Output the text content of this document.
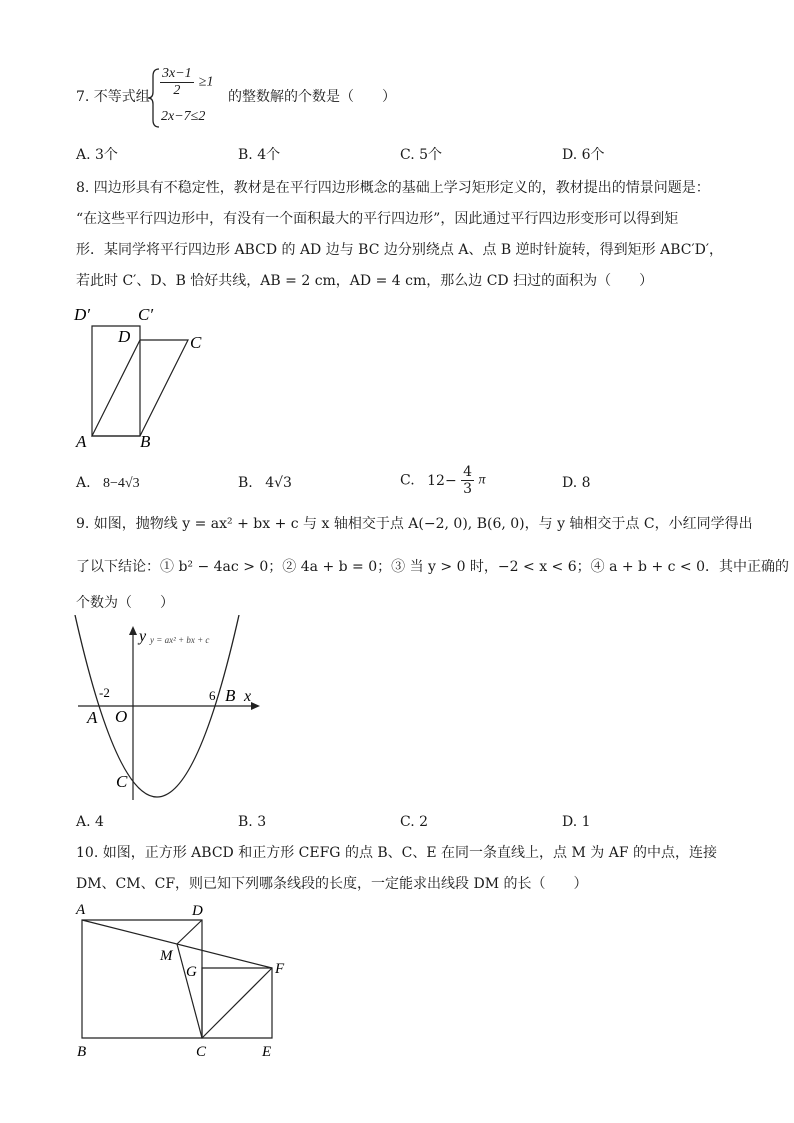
7. 不等式组 $\frac{3x-1}{2} \ge 1$
2x−7≤2
的整数解的个数是（　　）
A. 3个	B. 4个	C. 5个	D. 6个
8. 四边形具有不稳定性，教材是在平行四边形概念的基础上学习矩形定义的，教材提出的情景问题是：
“在这些平行四边形中，有没有一个面积最大的平行四边形”，因此通过平行四边形变形可以得到矩
形．某同学将平行四边形 ABCD 的 AD 边与 BC 边分别绕点 A、点 B 逆时针旋转，得到矩形 ABC′D′，
若此时 C′、D、B 恰好共线，AB = 2 cm，AD = 4 cm，那么边 CD 扫过的面积为（　　）
D′	C′
D	C
A	B
A. 8−4√3	B. 4√3	C. $12- \frac{4}{3}$ π	D. 8
9. 如图，抛物线 y = ax² + bx + c 与 x 轴相交于点 A(−2, 0), B(6, 0)，与 y 轴相交于点 C，小红同学得出
了以下结论：① b² − 4ac > 0；② 4a + b = 0；③ 当 y > 0 时，−2 < x < 6；④ a + b + c < 0．其中正确的
个数为（　　）
y y = ax² + bx + c
x
-2	6
A O
B
C
A. 4	B. 3	C. 2	D. 1
10. 如图，正方形 ABCD 和正方形 CEFG 的点 B、C、E 在同一条直线上，点 M 为 AF 的中点，连接
DM、CM、CF，则已知下列哪条线段的长度，一定能求出线段 DM 的长（　　）
A	D
M
G	F
B	C	E
